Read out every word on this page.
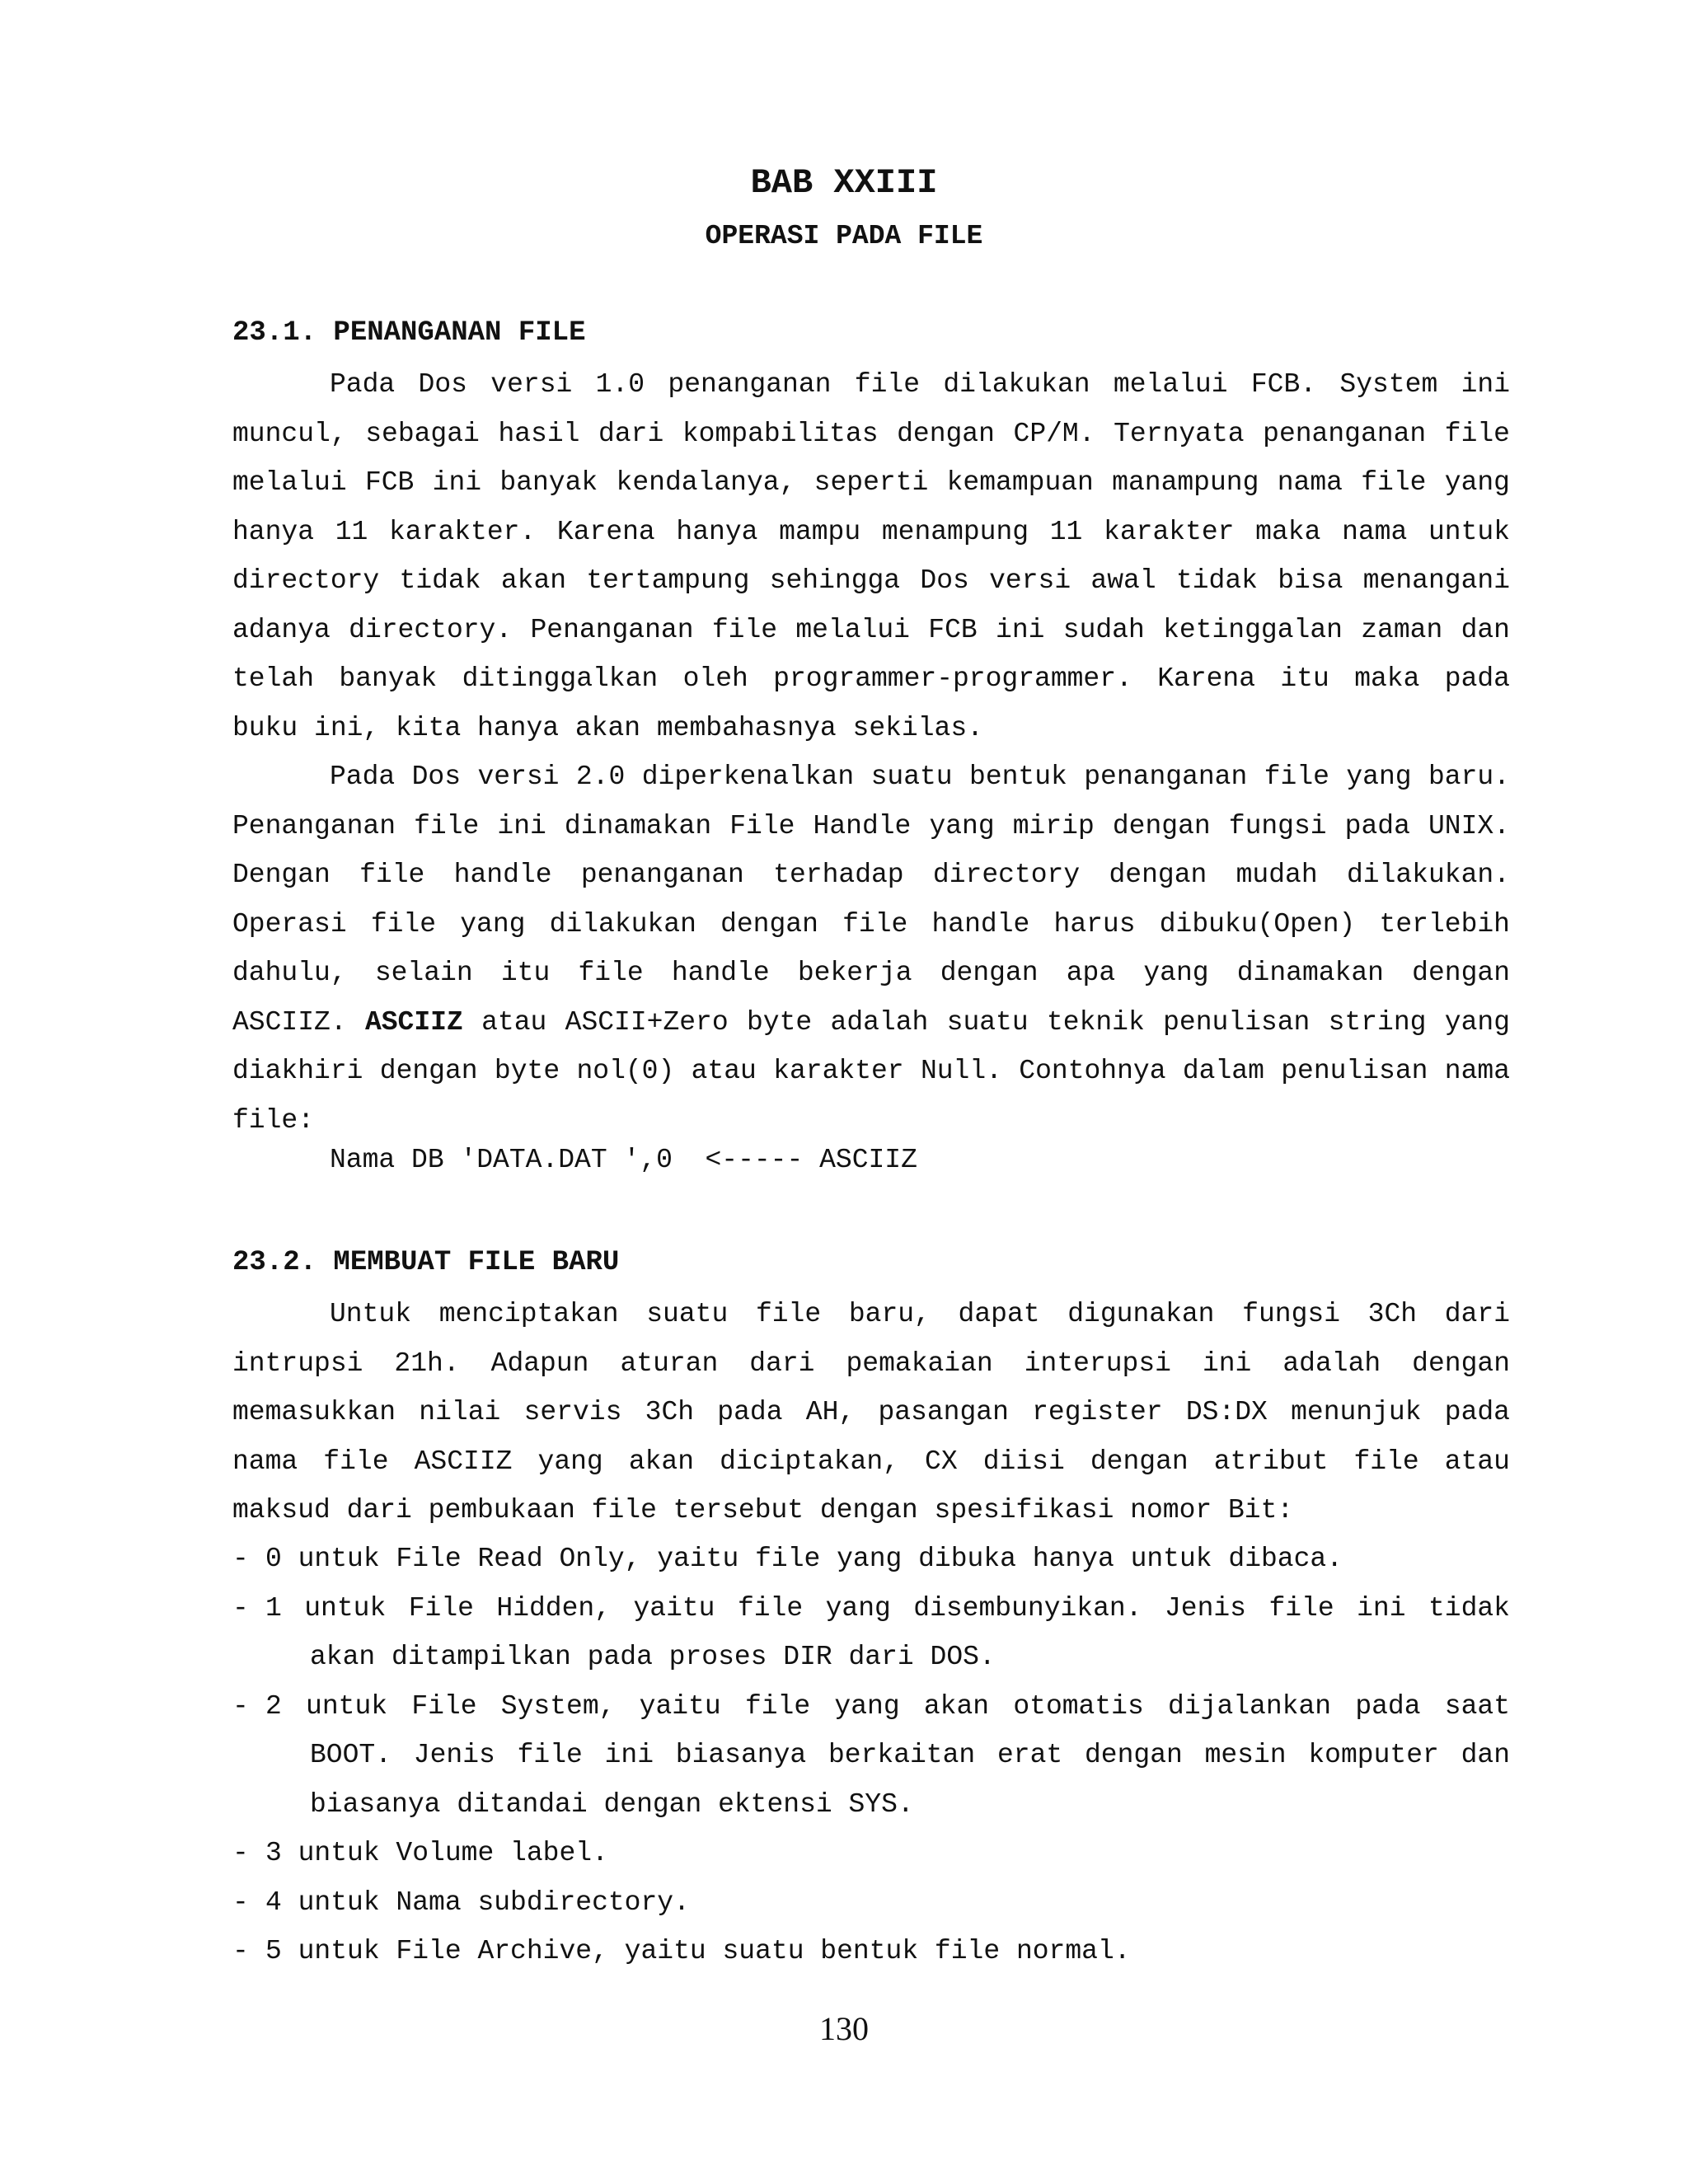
BAB XXIII
OPERASI PADA FILE
23.1. PENANGANAN FILE

Pada Dos versi 1.0 penanganan file dilakukan melalui FCB. System ini muncul, sebagai hasil dari kompabilitas dengan CP/M. Ternyata penanganan file melalui FCB ini banyak kendalanya, seperti kemampuan manampung nama file yang hanya 11 karakter. Karena hanya mampu menampung 11 karakter maka nama untuk directory tidak akan tertampung sehingga Dos versi awal tidak bisa menangani adanya directory. Penanganan file melalui FCB ini sudah ketinggalan zaman dan telah banyak ditinggalkan oleh programmer-programmer. Karena itu maka pada buku ini, kita hanya akan membahasnya sekilas.

Pada Dos versi 2.0 diperkenalkan suatu bentuk penanganan file yang baru. Penanganan file ini dinamakan File Handle yang mirip dengan fungsi pada UNIX. Dengan file handle penanganan terhadap directory dengan mudah dilakukan. Operasi file yang dilakukan dengan file handle harus dibuku(Open) terlebih dahulu, selain itu file handle bekerja dengan apa yang dinamakan dengan ASCIIZ. ASCIIZ atau ASCII+Zero byte adalah suatu teknik penulisan string yang diakhiri dengan byte nol(0) atau karakter Null. Contohnya dalam penulisan nama file:

Nama DB 'DATA.DAT ',0  <----- ASCIIZ
23.2. MEMBUAT FILE BARU

Untuk menciptakan suatu file baru, dapat digunakan fungsi 3Ch dari intrupsi 21h. Adapun aturan dari pemakaian interupsi ini adalah dengan memasukkan nilai servis 3Ch pada AH, pasangan register DS:DX menunjuk pada nama file ASCIIZ yang akan diciptakan, CX diisi dengan atribut file atau maksud dari pembukaan file tersebut dengan spesifikasi nomor Bit:

- 0 untuk File Read Only, yaitu file yang dibuka hanya untuk dibaca.
- 1 untuk File Hidden, yaitu file yang disembunyikan. Jenis file ini tidak akan ditampilkan pada proses DIR dari DOS.
- 2 untuk File System, yaitu file yang akan otomatis dijalankan pada saat BOOT. Jenis file ini biasanya berkaitan erat dengan mesin komputer dan biasanya ditandai dengan ektensi SYS.
- 3 untuk Volume label.
- 4 untuk Nama subdirectory.
- 5 untuk File Archive, yaitu suatu bentuk file normal.
130
